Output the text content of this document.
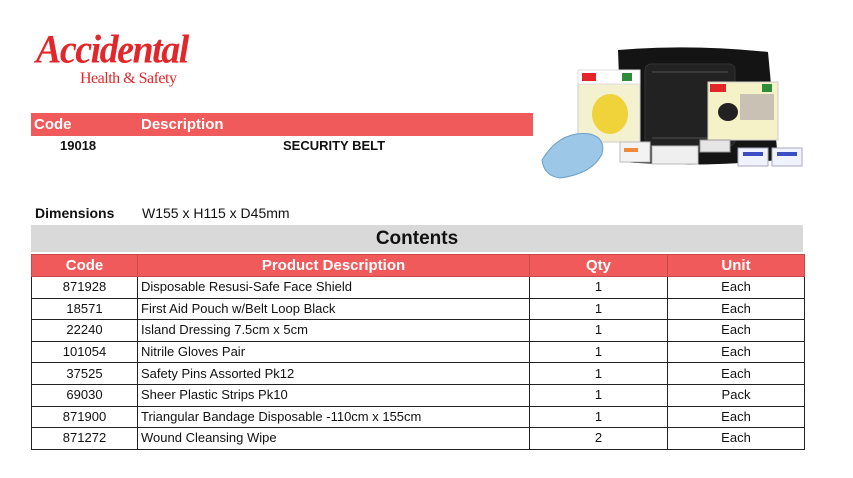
Accidental
Health & Safety
Code	Description
19018	SECURITY BELT
Dimensions W155 x H115 x D45mm
Contents
Code	Product Description	Qty	Unit
871928	Disposable Resusi-Safe Face Shield	1	Each
18571	First Aid Pouch w/Belt Loop Black	1	Each
22240	Island Dressing 7.5cm x 5cm	1	Each
101054	Nitrile Gloves Pair	1	Each
37525	Safety Pins Assorted Pk12	1	Each
69030	Sheer Plastic Strips Pk10	1	Pack
871900	Triangular Bandage Disposable -110cm x 155cm	1	Each
871272	Wound Cleansing Wipe	2	Each
